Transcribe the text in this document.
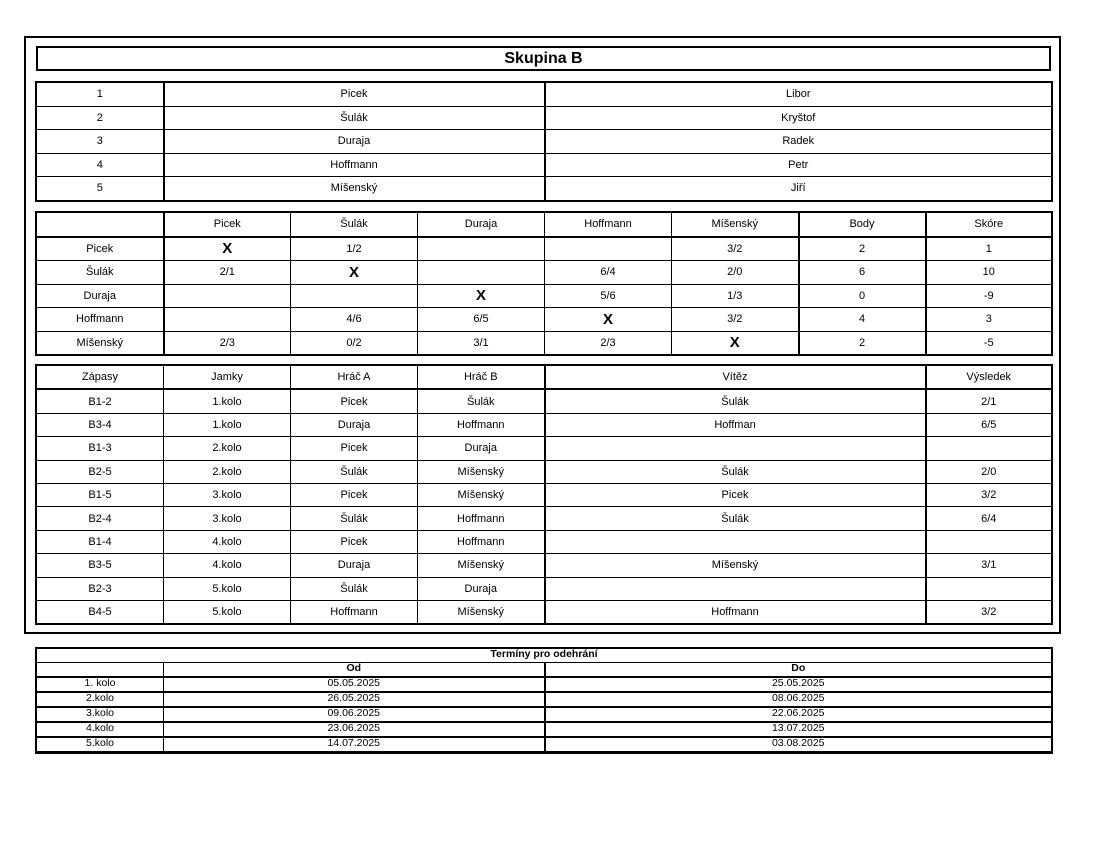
Skupina B
1	Picek	Libor
2	Šulák	Kryštof
3	Duraja	Radek
4	Hoffmann	Petr
5	Míšenský	Jiří
	Picek	Šulák	Duraja	Hoffmann	Míšenský	Body	Skóre
Picek	X	1/2			3/2	2	1
Šulák	2/1	X		6/4	2/0	6	10
Duraja			X	5/6	1/3	0	-9
Hoffmann		4/6	6/5	X	3/2	4	3
Míšenský	2/3	0/2	3/1	2/3	X	2	-5
Zápasy	Jamky	Hráč A	Hráč B	Vítěz	Výsledek
B1-2	1.kolo	Picek	Šulák	Šulák	2/1
B3-4	1.kolo	Duraja	Hoffmann	Hoffman	6/5
B1-3	2.kolo	Picek	Duraja		
B2-5	2.kolo	Šulák	Míšenský	Šulák	2/0
B1-5	3.kolo	Picek	Míšenský	Picek	3/2
B2-4	3.kolo	Šulák	Hoffmann	Šulák	6/4
B1-4	4.kolo	Picek	Hoffmann		
B3-5	4.kolo	Duraja	Míšenský	Míšenský	3/1
B2-3	5.kolo	Šulák	Duraja		
B4-5	5.kolo	Hoffmann	Míšenský	Hoffmann	3/2
Termíny pro odehrání		
	Od	Do
1. kolo	05.05.2025	25.05.2025
2.kolo	26.05.2025	08.06.2025
3.kolo	09.06.2025	22.06.2025
4.kolo	23.06.2025	13.07.2025
5.kolo	14.07.2025	03.08.2025
